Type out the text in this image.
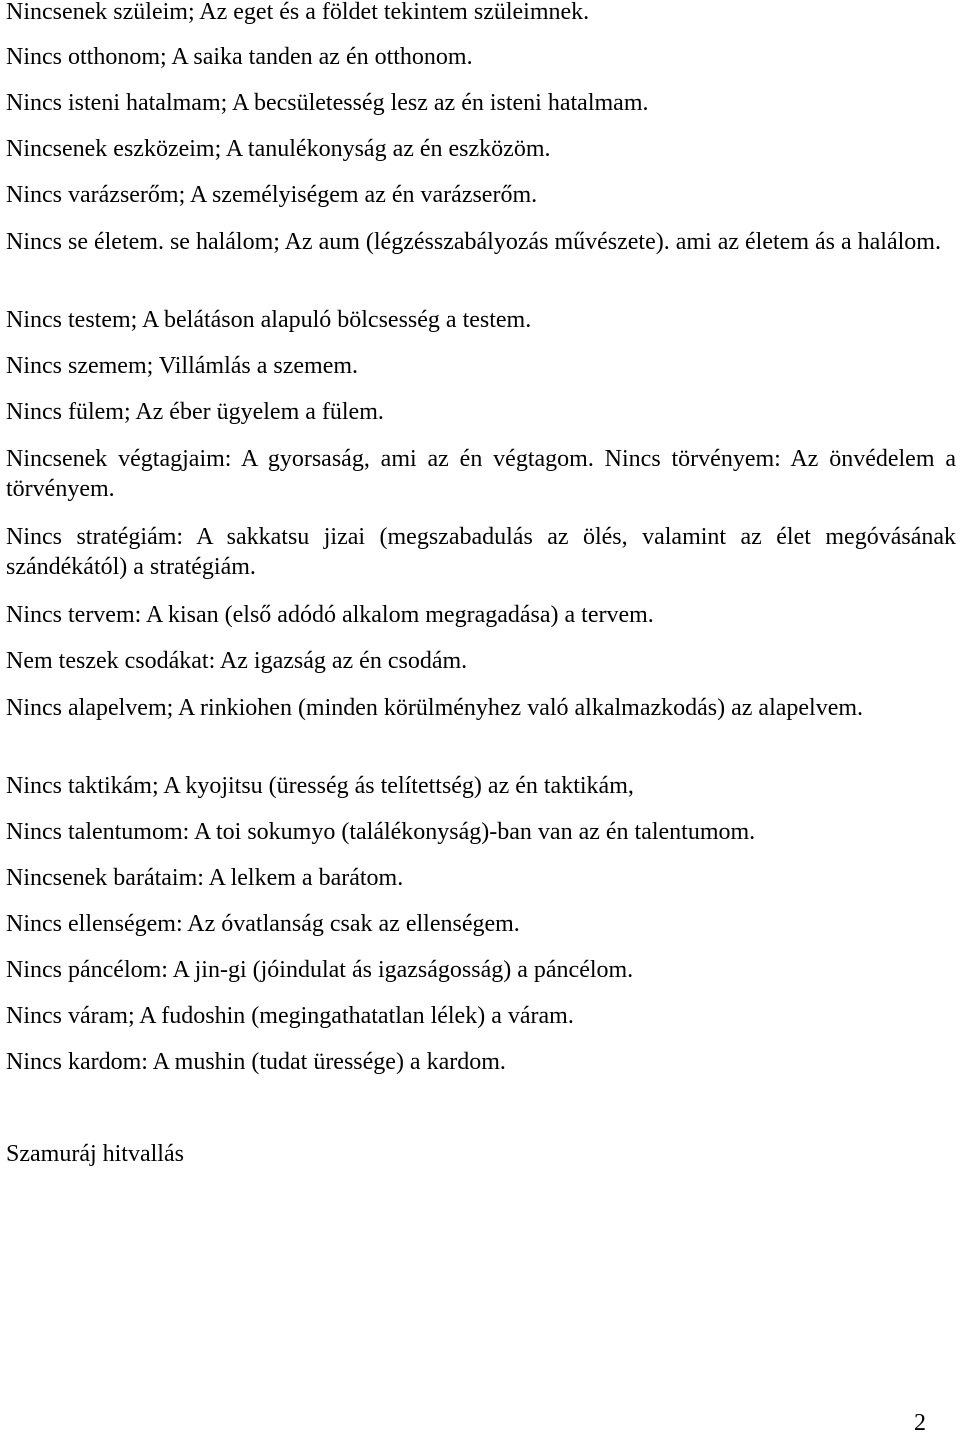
Nincsenek szüleim; Az eget és a földet tekintem szüleimnek.

Nincs otthonom; A saika tanden az én otthonom.

Nincs isteni hatalmam; A becsületesség lesz az én isteni hatalmam.

Nincsenek eszközeim; A tanulékonyság az én eszközöm.

Nincs varázserőm; A személyiségem az én varázserőm.

Nincs se életem. se halálom; Az aum (légzésszabályozás művészete). ami az életem ás a halálom.

Nincs testem; A belátáson alapuló bölcsesség a testem.

Nincs szemem; Villámlás a szemem.

Nincs fülem; Az éber ügyelem a fülem.

Nincsenek végtagjaim: A gyorsaság, ami az én végtagom. Nincs törvényem: Az önvédelem a törvényem.

Nincs stratégiám: A sakkatsu jizai (megszabadulás az ölés, valamint az élet megóvásának szándékától) a stratégiám.

Nincs tervem: A kisan (első adódó alkalom megragadása) a tervem.

Nem teszek csodákat: Az igazság az én csodám.

Nincs alapelvem; A rinkiohen (minden körülményhez való alkalmazkodás) az alapelvem.

Nincs taktikám; A kyojitsu (üresség ás telítettség) az én taktikám,

Nincs talentumom: A toi sokumyo (találékonyság)-ban van az én talentumom.

Nincsenek barátaim: A lelkem a barátom.

Nincs ellenségem: Az óvatlanság csak az ellenségem.

Nincs páncélom: A jin-gi (jóindulat ás igazságosság) a páncélom.

Nincs váram; A fudoshin (megingathatatlan lélek) a váram.

Nincs kardom: A mushin (tudat üressége) a kardom.

Szamuráj hitvallás

2
